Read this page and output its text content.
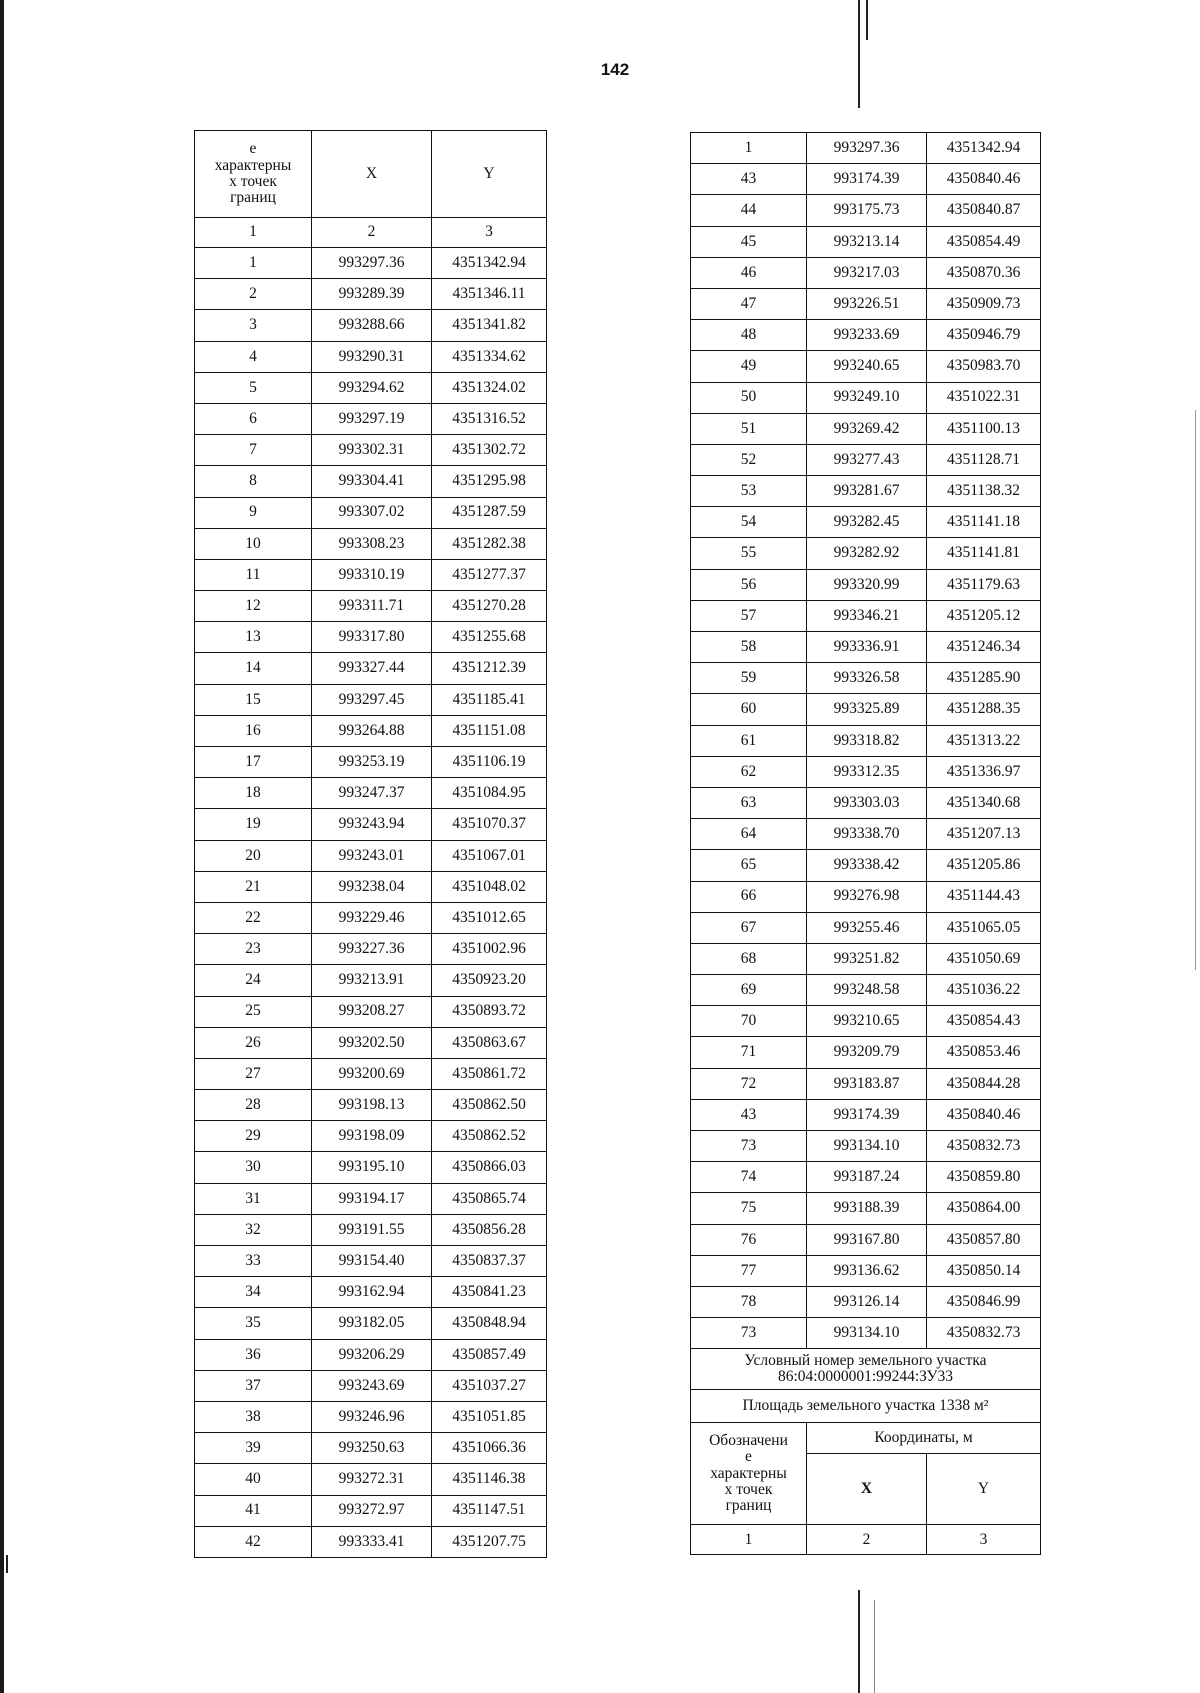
142
е
характерны
х точек
границ	X	Y
1	2	3
1	993297.36	4351342.94
2	993289.39	4351346.11
3	993288.66	4351341.82
4	993290.31	4351334.62
5	993294.62	4351324.02
6	993297.19	4351316.52
7	993302.31	4351302.72
8	993304.41	4351295.98
9	993307.02	4351287.59
10	993308.23	4351282.38
11	993310.19	4351277.37
12	993311.71	4351270.28
13	993317.80	4351255.68
14	993327.44	4351212.39
15	993297.45	4351185.41
16	993264.88	4351151.08
17	993253.19	4351106.19
18	993247.37	4351084.95
19	993243.94	4351070.37
20	993243.01	4351067.01
21	993238.04	4351048.02
22	993229.46	4351012.65
23	993227.36	4351002.96
24	993213.91	4350923.20
25	993208.27	4350893.72
26	993202.50	4350863.67
27	993200.69	4350861.72
28	993198.13	4350862.50
29	993198.09	4350862.52
30	993195.10	4350866.03
31	993194.17	4350865.74
32	993191.55	4350856.28
33	993154.40	4350837.37
34	993162.94	4350841.23
35	993182.05	4350848.94
36	993206.29	4350857.49
37	993243.69	4351037.27
38	993246.96	4351051.85
39	993250.63	4351066.36
40	993272.31	4351146.38
41	993272.97	4351147.51
42	993333.41	4351207.75
1	993297.36	4351342.94
43	993174.39	4350840.46
44	993175.73	4350840.87
45	993213.14	4350854.49
46	993217.03	4350870.36
47	993226.51	4350909.73
48	993233.69	4350946.79
49	993240.65	4350983.70
50	993249.10	4351022.31
51	993269.42	4351100.13
52	993277.43	4351128.71
53	993281.67	4351138.32
54	993282.45	4351141.18
55	993282.92	4351141.81
56	993320.99	4351179.63
57	993346.21	4351205.12
58	993336.91	4351246.34
59	993326.58	4351285.90
60	993325.89	4351288.35
61	993318.82	4351313.22
62	993312.35	4351336.97
63	993303.03	4351340.68
64	993338.70	4351207.13
65	993338.42	4351205.86
66	993276.98	4351144.43
67	993255.46	4351065.05
68	993251.82	4351050.69
69	993248.58	4351036.22
70	993210.65	4350854.43
71	993209.79	4350853.46
72	993183.87	4350844.28
43	993174.39	4350840.46
73	993134.10	4350832.73
74	993187.24	4350859.80
75	993188.39	4350864.00
76	993167.80	4350857.80
77	993136.62	4350850.14
78	993126.14	4350846.99
73	993134.10	4350832.73
Условный номер земельного участка
86:04:0000001:99244:ЗУ33		
Площадь земельного участка 1338 м²		
Обозначени
е
характерны
х точек
границ	Координаты, м	
	X	Y
1	2	3
